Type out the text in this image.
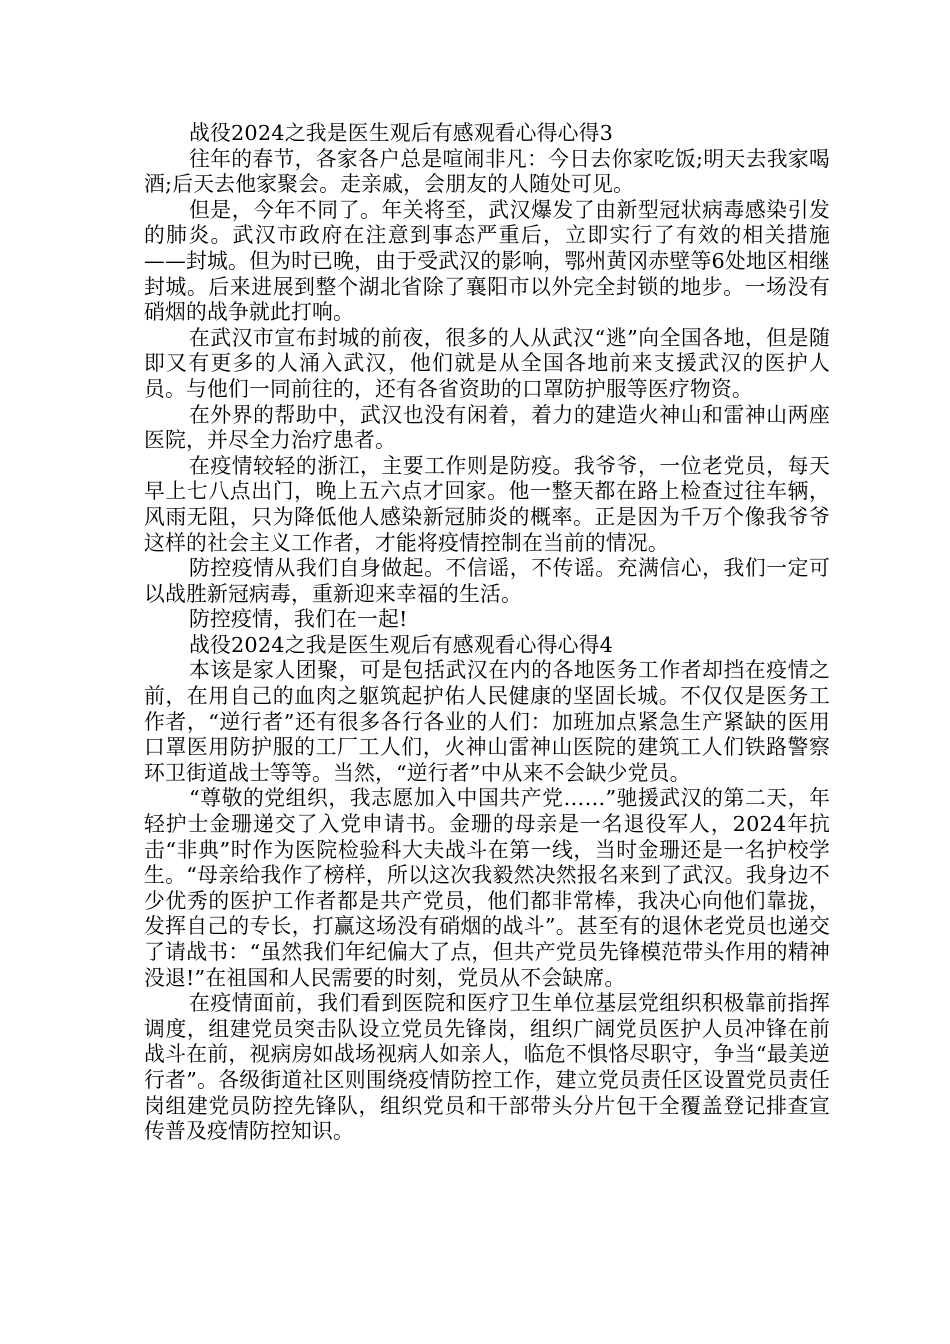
战役2024之我是医生观后有感观看心得心得3

往年的春节，各家各户总是喧闹非凡：今日去你家吃饭;明天去我家喝酒;后天去他家聚会。走亲戚，会朋友的人随处可见。

但是，今年不同了。年关将至，武汉爆发了由新型冠状病毒感染引发的肺炎。武汉市政府在注意到事态严重后，立即实行了有效的相关措施——封城。但为时已晚，由于受武汉的影响，鄂州黄冈赤壁等6处地区相继封城。后来进展到整个湖北省除了襄阳市以外完全封锁的地步。一场没有硝烟的战争就此打响。

在武汉市宣布封城的前夜，很多的人从武汉“逃”向全国各地，但是随即又有更多的人涌入武汉，他们就是从全国各地前来支援武汉的医护人员。与他们一同前往的，还有各省资助的口罩防护服等医疗物资。

在外界的帮助中，武汉也没有闲着，着力的建造火神山和雷神山两座医院，并尽全力治疗患者。

在疫情较轻的浙江，主要工作则是防疫。我爷爷，一位老党员，每天早上七八点出门，晚上五六点才回家。他一整天都在路上检查过往车辆，风雨无阻，只为降低他人感染新冠肺炎的概率。正是因为千万个像我爷爷这样的社会主义工作者，才能将疫情控制在当前的情况。

防控疫情从我们自身做起。不信谣，不传谣。充满信心，我们一定可以战胜新冠病毒，重新迎来幸福的生活。

防控疫情，我们在一起!

战役2024之我是医生观后有感观看心得心得4

本该是家人团聚，可是包括武汉在内的各地医务工作者却挡在疫情之前，在用自己的血肉之躯筑起护佑人民健康的坚固长城。不仅仅是医务工作者，“逆行者”还有很多各行各业的人们：加班加点紧急生产紧缺的医用口罩医用防护服的工厂工人们，火神山雷神山医院的建筑工人们铁路警察环卫街道战士等等。当然，“逆行者”中从来不会缺少党员。

“尊敬的党组织，我志愿加入中国共产党……”驰援武汉的第二天，年轻护士金珊递交了入党申请书。金珊的母亲是一名退役军人，2024年抗击“非典”时作为医院检验科大夫战斗在第一线，当时金珊还是一名护校学生。“母亲给我作了榜样，所以这次我毅然决然报名来到了武汉。我身边不少优秀的医护工作者都是共产党员，他们都非常棒，我决心向他们靠拢，发挥自己的专长，打赢这场没有硝烟的战斗”。甚至有的退休老党员也递交了请战书：“虽然我们年纪偏大了点，但共产党员先锋模范带头作用的精神没退!”在祖国和人民需要的时刻，党员从不会缺席。

在疫情面前，我们看到医院和医疗卫生单位基层党组织积极靠前指挥调度，组建党员突击队设立党员先锋岗，组织广阔党员医护人员冲锋在前战斗在前，视病房如战场视病人如亲人，临危不惧恪尽职守，争当“最美逆行者”。各级街道社区则围绕疫情防控工作，建立党员责任区设置党员责任岗组建党员防控先锋队，组织党员和干部带头分片包干全覆盖登记排查宣传普及疫情防控知识。
